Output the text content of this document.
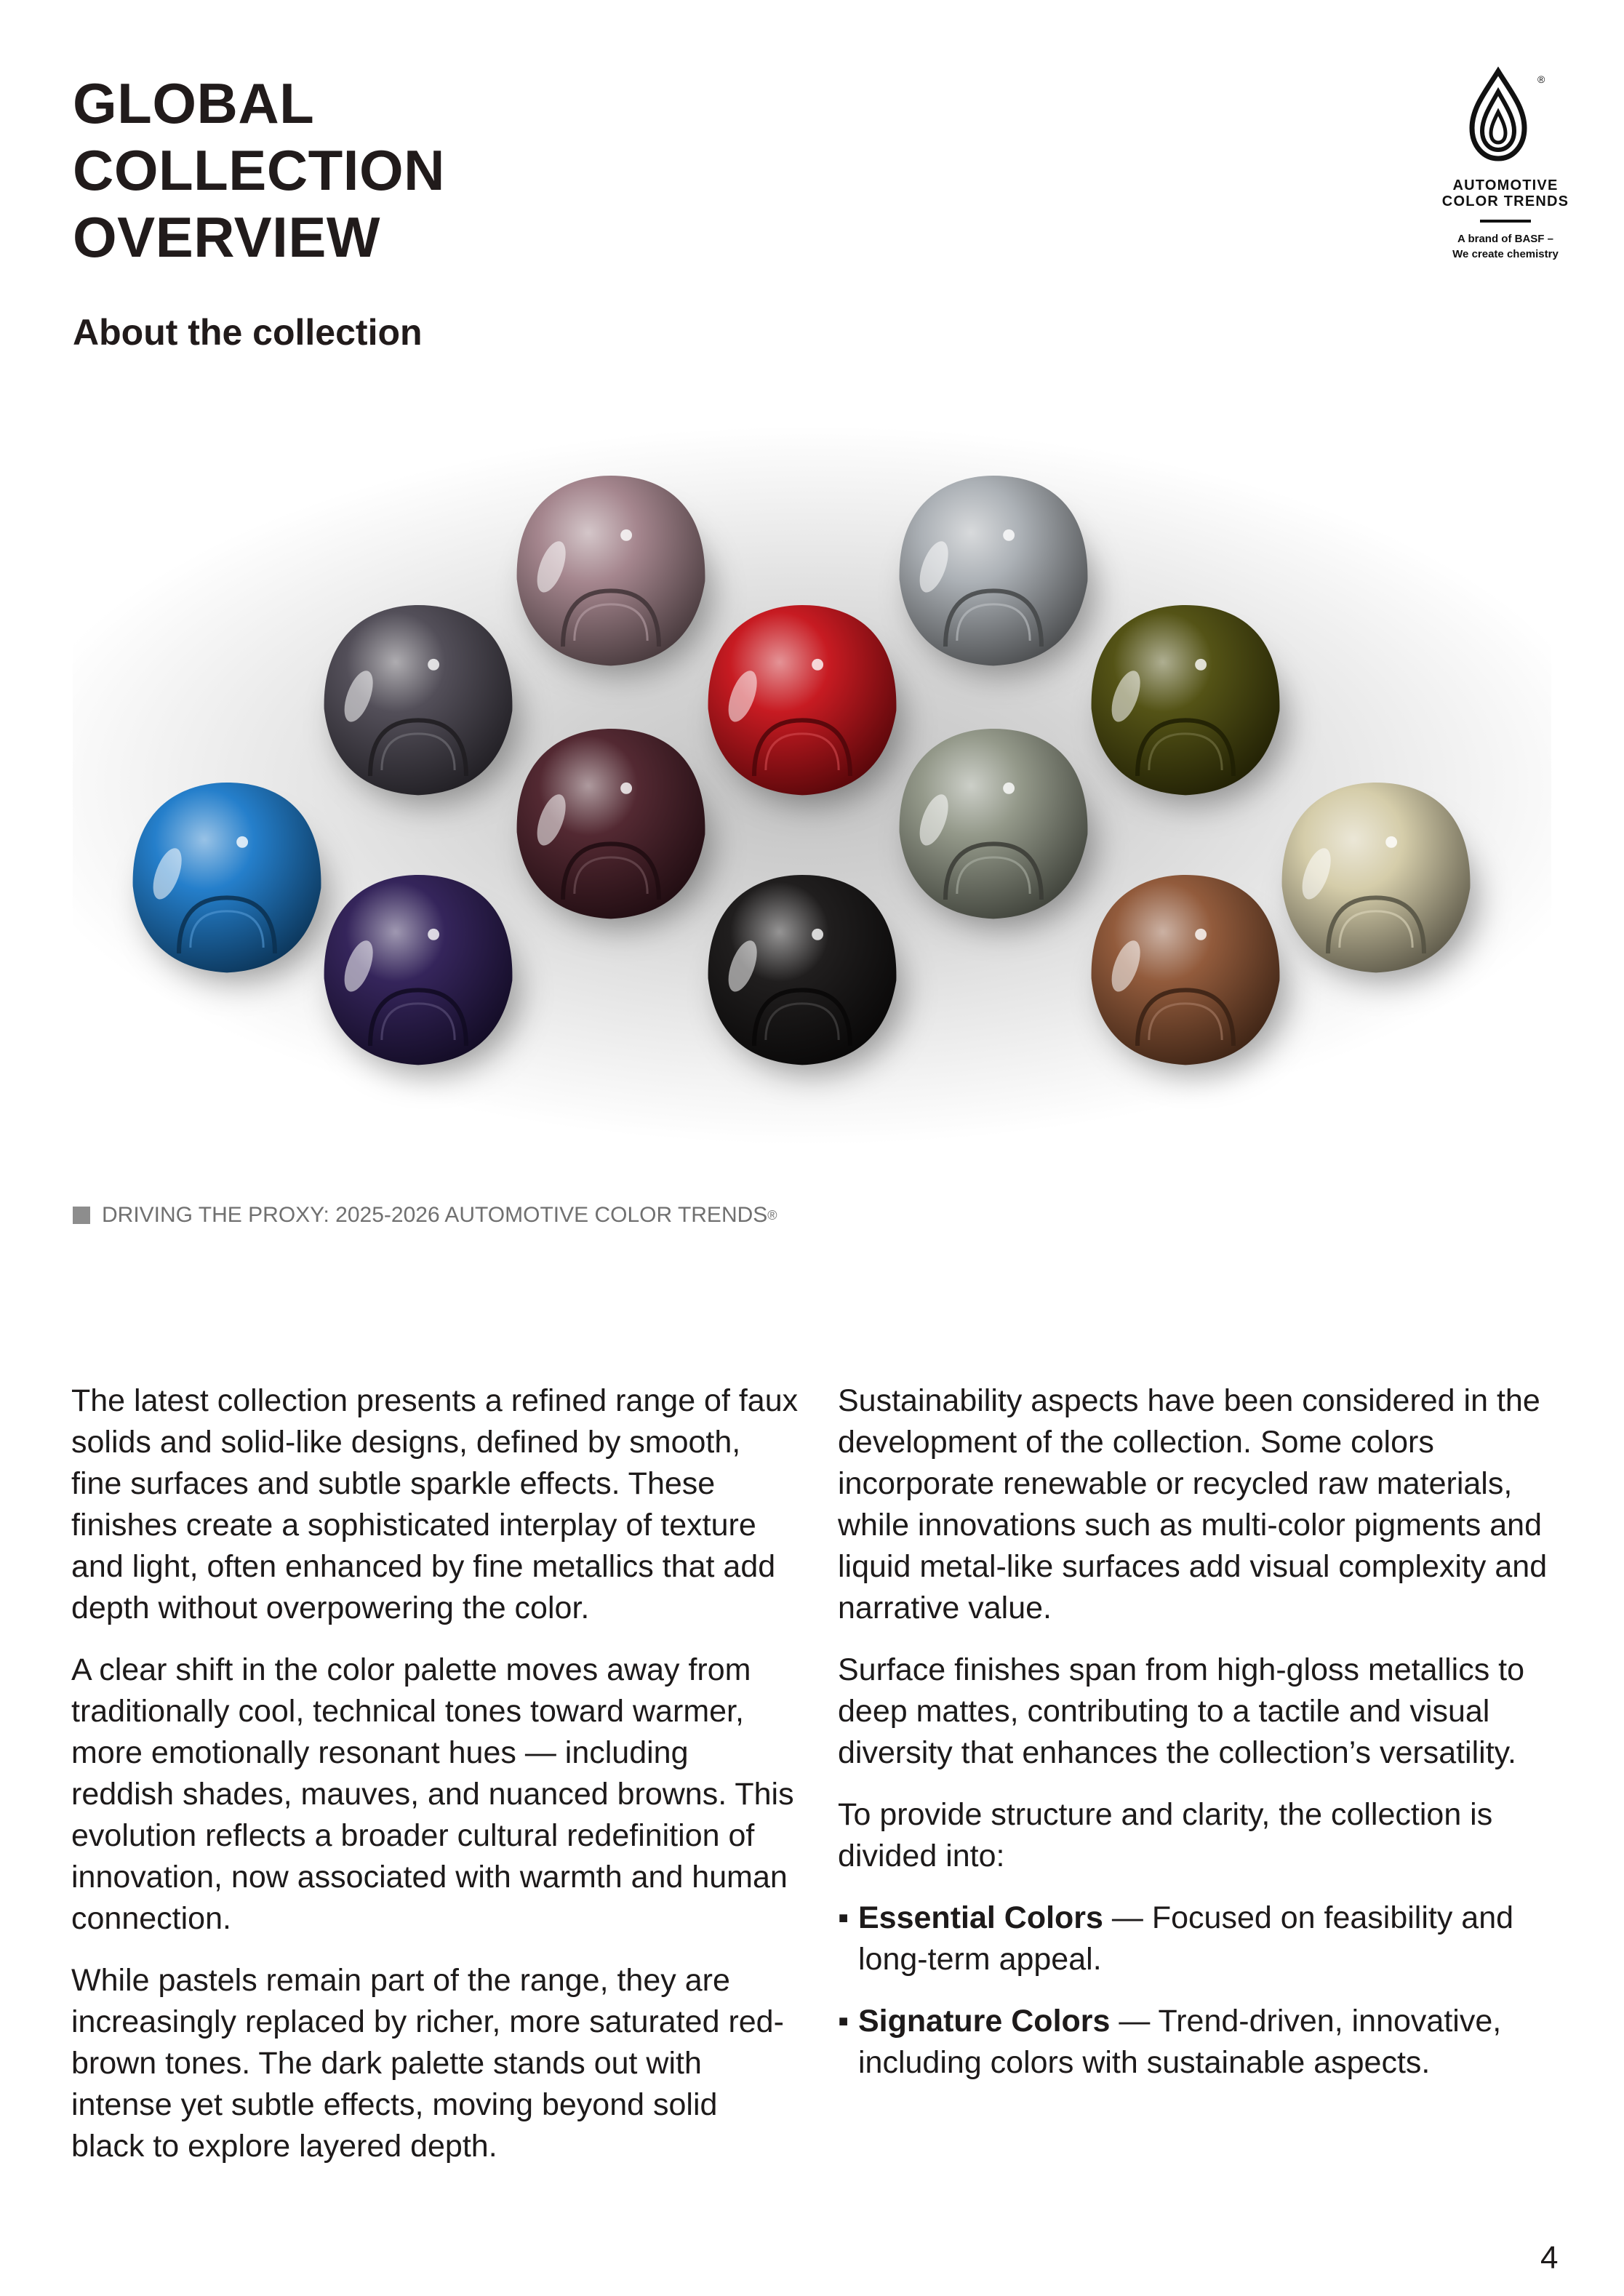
GLOBAL
COLLECTION
OVERVIEW
About the collection
®
AUTOMOTIVE
COLOR TRENDS
A brand of BASF –
We create chemistry
DRIVING THE PROXY: 2025-2026 AUTOMOTIVE COLOR TRENDS ®

The latest collection presents a refined range of faux solids and solid-like designs, defined by smooth, fine surfaces and subtle sparkle effects. These finishes create a sophisticated interplay of texture and light, often enhanced by fine metallics that add depth without overpowering the color.

A clear shift in the color palette moves away from traditionally cool, technical tones toward warmer, more emotionally resonant hues — including reddish shades, mauves, and nuanced browns. This evolution reflects a broader cultural redefinition of innovation, now associated with warmth and human connection.

While pastels remain part of the range, they are increasingly replaced by richer, more saturated red-brown tones. The dark palette stands out with intense yet subtle effects, moving beyond solid black to explore layered depth.

Sustainability aspects have been considered in the development of the collection. Some colors incorporate renewable or recycled raw materials, while innovations such as multi-color pigments and liquid metal-like surfaces add visual complexity and narrative value.

Surface finishes span from high-gloss metallics to deep mattes, contributing to a tactile and visual diversity that enhances the collection’s versatility.

To provide structure and clarity, the collection is divided into:

▪ Essential Colors — Focused on feasibility and long-term appeal.
▪ Signature Colors — Trend-driven, innovative, including colors with sustainable aspects.
4
